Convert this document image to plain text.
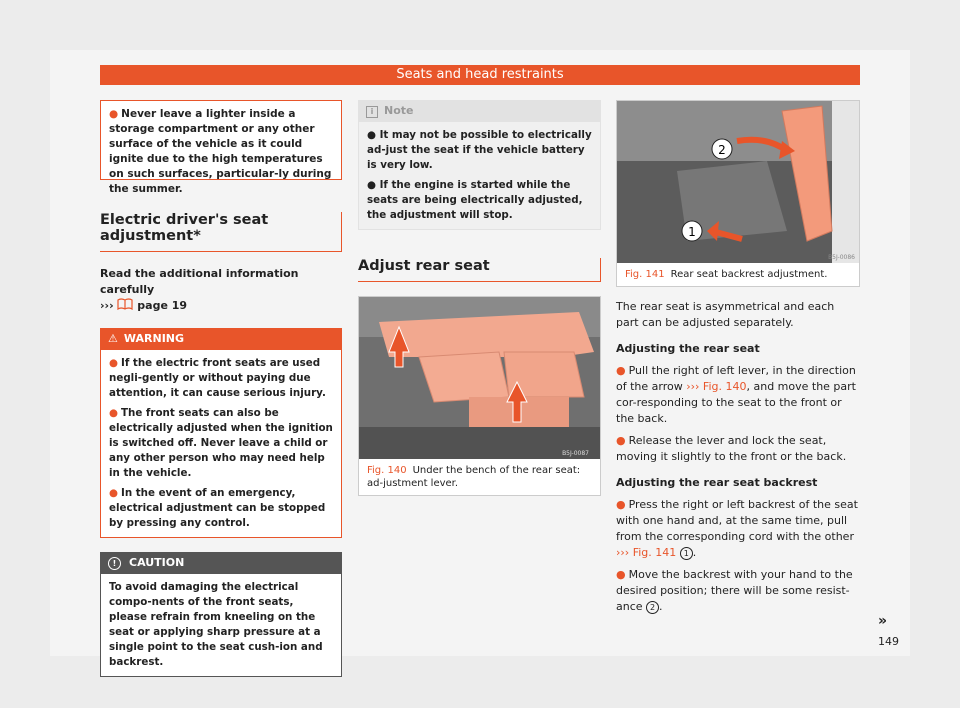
Seats and head restraints
● Never leave a lighter inside a storage compartment or any other surface of the vehicle as it could ignite due to the high temperatures on such surfaces, particular-ly during the summer.
Electric driver's seat adjustment*
Read the additional information carefully
››› page 19
⚠ WARNING
● If the electric front seats are used negli-gently or without paying due attention, it can cause serious injury.
● The front seats can also be electrically adjusted when the ignition is switched off. Never leave a child or any other person who may need help in the vehicle.
● In the event of an emergency, electrical adjustment can be stopped by pressing any control.
! CAUTION
To avoid damaging the electrical compo-nents of the front seats, please refrain from kneeling on the seat or applying sharp pressure at a single point to the seat cush-ion and backrest.
i Note
● It may not be possible to electrically ad-just the seat if the vehicle battery is very low.
● If the engine is started while the seats are being electrically adjusted, the adjustment will stop.
Adjust rear seat
B5J-0087
Fig. 140 Under the bench of the rear seat: ad-justment lever.
2
1
B5J-0086
Fig. 141 Rear seat backrest adjustment.

The rear seat is asymmetrical and each part can be adjusted separately.

Adjusting the rear seat

● Pull the right of left lever, in the direction of the arrow ››› Fig. 140, and move the part cor-responding to the seat to the front or the back.

● Release the lever and lock the seat, moving it slightly to the front or the back.

Adjusting the rear seat backrest

● Press the right or left backrest of the seat with one hand and, at the same time, pull from the corresponding cord with the other ››› Fig. 141 1 .

● Move the backrest with your hand to the desired position; there will be some resist-ance 2 .

»
149
